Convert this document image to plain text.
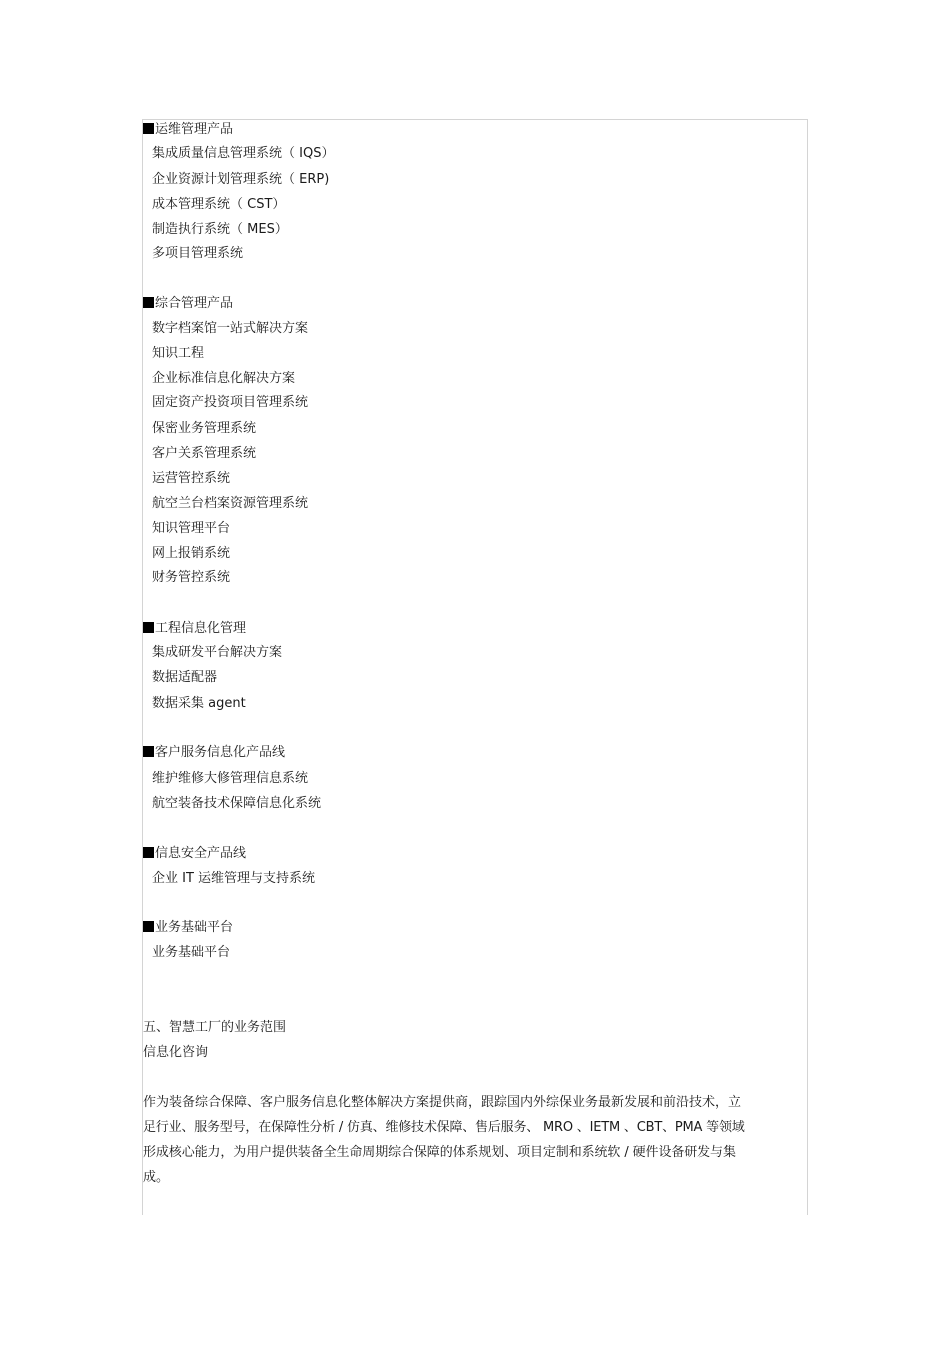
运维管理产品
集成质量信息管理系统（ IQS）
企业资源计划管理系统（ ERP)
成本管理系统（ CST）
制造执行系统（ MES）
多项目管理系统
综合管理产品
数字档案馆一站式解决方案
知识工程
企业标准信息化解决方案
固定资产投资项目管理系统
保密业务管理系统
客户关系管理系统
运营管控系统
航空兰台档案资源管理系统
知识管理平台
网上报销系统
财务管控系统
工程信息化管理
集成研发平台解决方案
数据适配器
数据采集 agent
客户服务信息化产品线
维护维修大修管理信息系统
航空装备技术保障信息化系统
信息安全产品线
企业 IT 运维管理与支持系统
业务基础平台
业务基础平台
五、智慧工厂的业务范围
信息化咨询
作为装备综合保障、客户服务信息化整体解决方案提供商，跟踪国内外综保业务最新发展和前沿技术，立
足行业、服务型号，在保障性分析 / 仿真、维修技术保障、售后服务、 MRO 、IETM 、CBT、PMA 等领域
形成核心能力，为用户提供装备全生命周期综合保障的体系规划、项目定制和系统软 / 硬件设备研发与集
成。
